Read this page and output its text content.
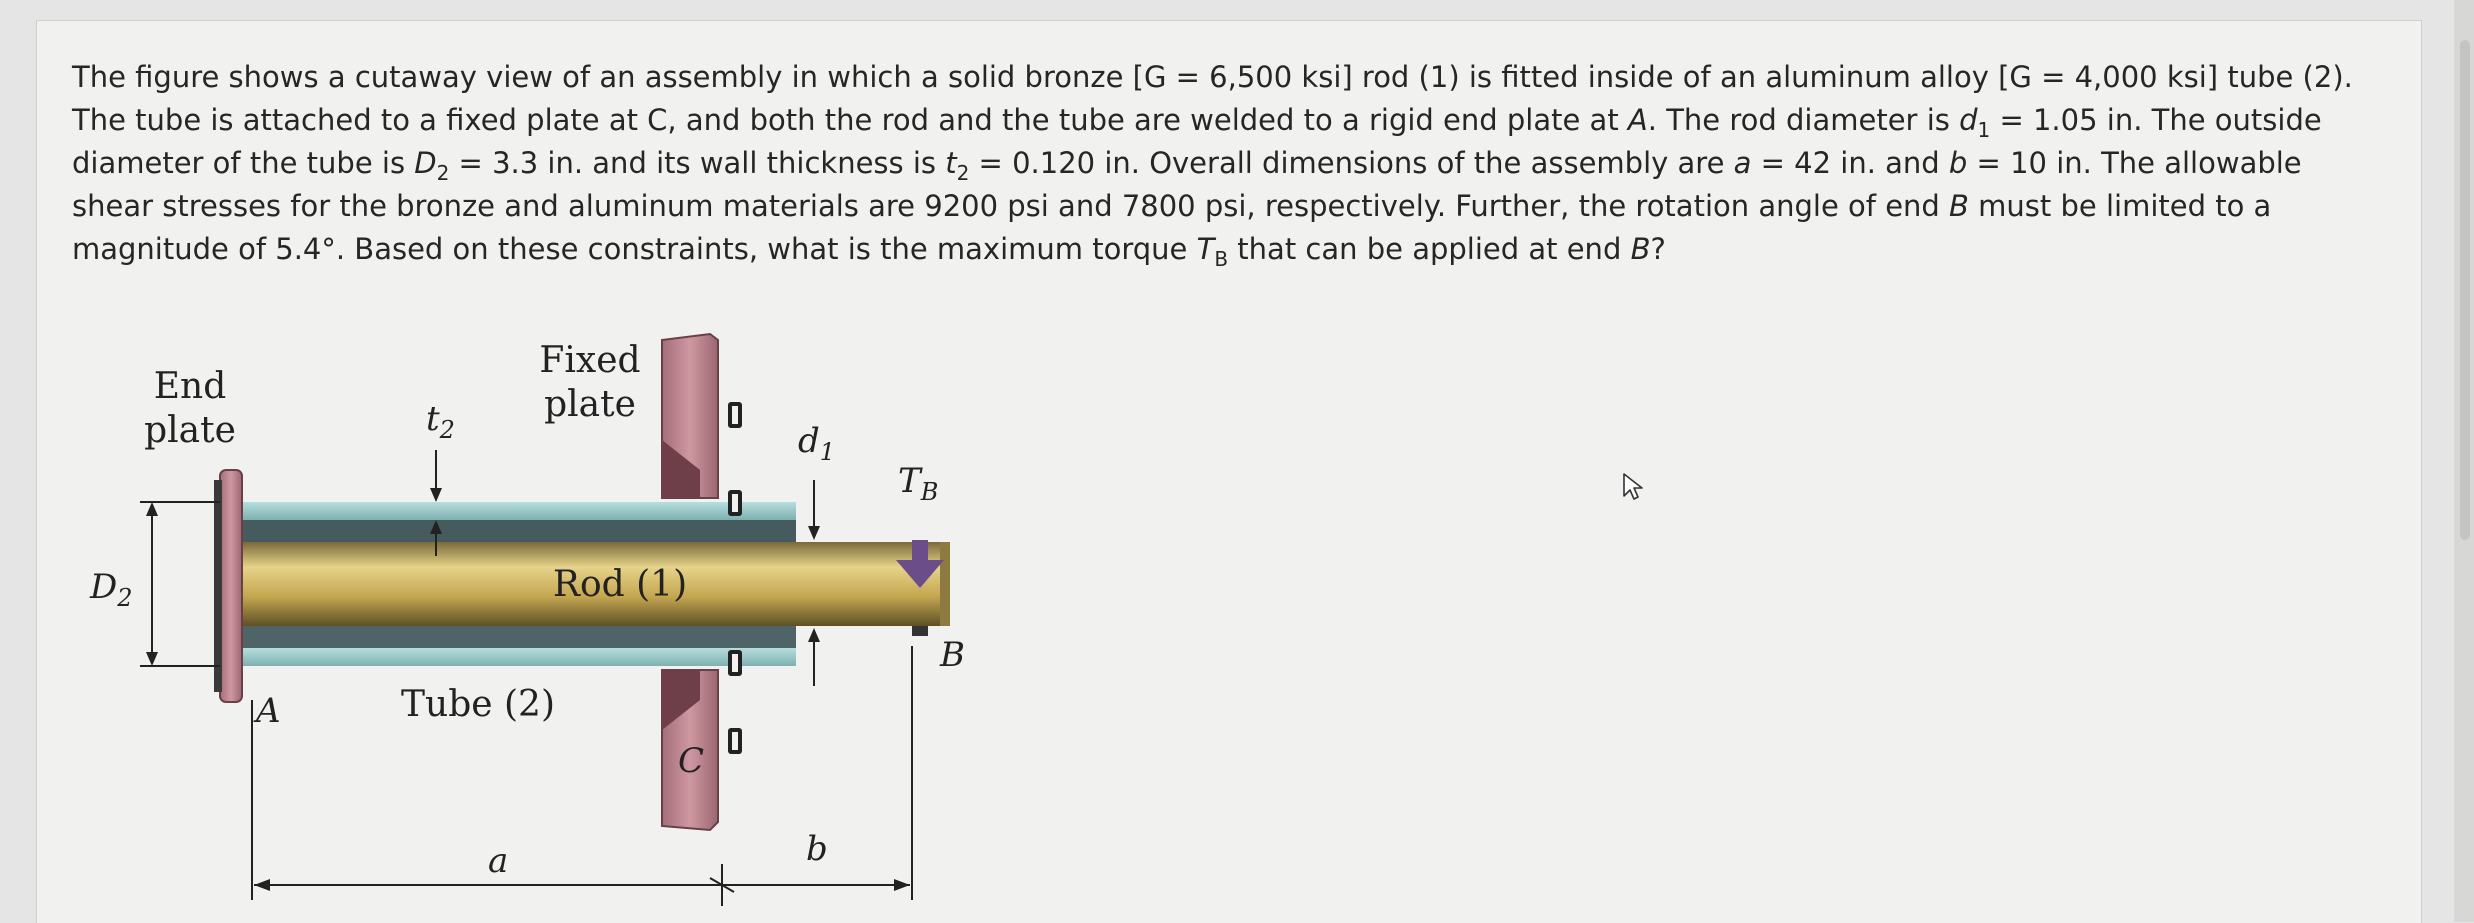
The figure shows a cutaway view of an assembly in which a solid bronze [G = 6,500 ksi] rod (1) is fitted inside of an aluminum alloy [G = 4,000 ksi] tube (2). The tube is attached to a fixed plate at C, and both the rod and the tube are welded to a rigid end plate at A. The rod diameter is $d_1 = 1.05$ in. The outside diameter of the tube is $D_2 = 3.3$ in. and its wall thickness is $t_2 = 0.120$ in. Overall dimensions of the assembly are a = 42 in. and b = 10 in. The allowable shear stresses for the bronze and aluminum materials are 9200 psi and 7800 psi, respectively. Further, the rotation angle of end B must be limited to a magnitude of 5.4°. Based on these constraints, what is the maximum torque $T_B$ that can be applied at end B?

End
plate
Fixed
plate
$t_2$	$d_1$
$T_B$
$D_2$	Rod (1)
Tube (2)
A
B
C
a	b
